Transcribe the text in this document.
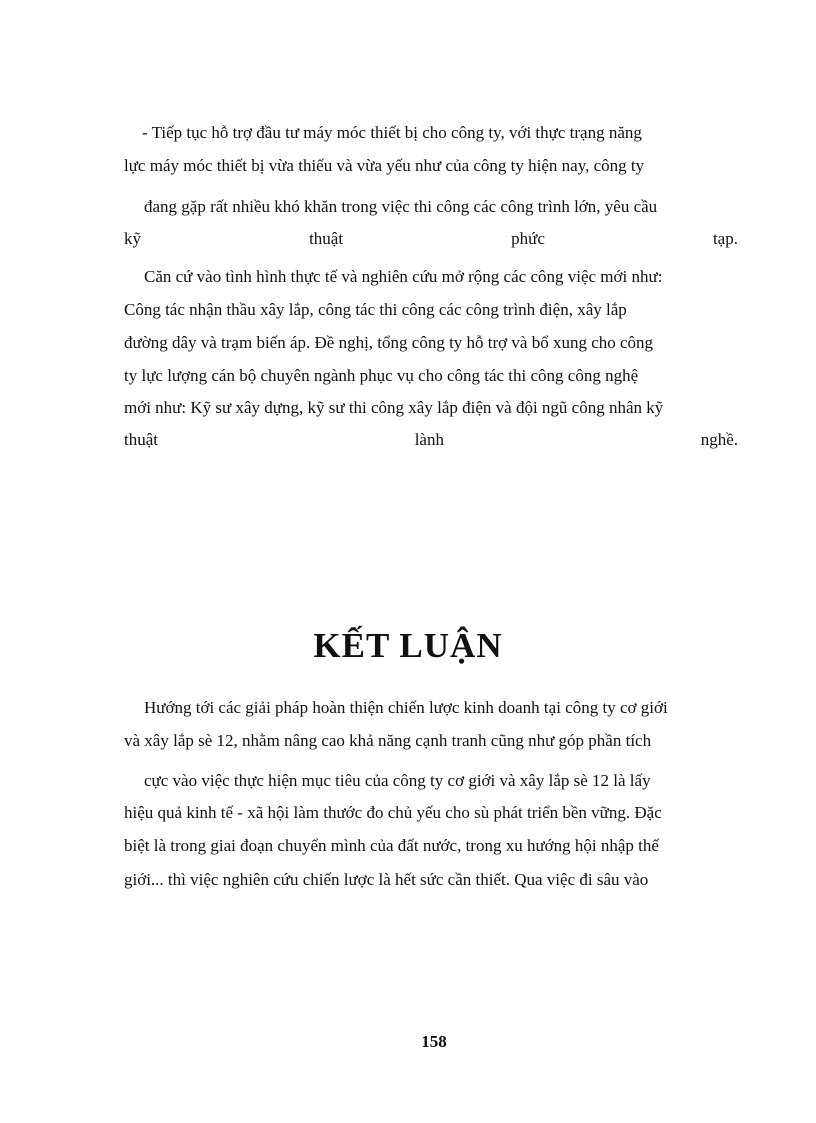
- Tiếp tục hỗ trợ đầu tư máy móc thiết bị cho công ty, với thực trạng năng
lực máy móc thiết bị vừa thiếu và vừa yếu như của công ty hiện nay, công ty
đang gặp rất nhiều khó khăn trong việc thi công các công trình lớn, yêu cầu
kỹ	thuật	phức	tạp.
Căn cứ vào tình hình thực tế và nghiên cứu mở rộng các công việc mới như:
Công tác nhận thầu xây lắp, công tác thi công các công trình điện, xây lắp
đường dây và trạm biến áp. Đề nghị, tổng công ty hỗ trợ và bổ xung cho công
ty lực lượng cán bộ chuyên ngành phục vụ cho công tác thi công công nghệ
mới như: Kỹ sư xây dựng, kỹ sư thi công xây lắp điện và đội ngũ công nhân kỹ
thuật	lành	nghề.
KẾT LUẬN
Hướng tới các giải pháp hoàn thiện chiến lược kinh doanh tại công ty cơ giới
và xây lắp sè 12, nhằm nâng cao khả năng cạnh tranh cũng như góp phần tích
cực vào việc thực hiện mục tiêu của công ty cơ giới và xây lắp sè 12 là lấy
hiệu quả kinh tế - xã hội làm thước đo chủ yếu cho sù phát triển bền vững. Đặc
biệt là trong giai đoạn chuyển mình của đất nước, trong xu hướng hội nhập thế
giới... thì việc nghiên cứu chiến lược là hết sức cần thiết. Qua việc đi sâu vào
158
